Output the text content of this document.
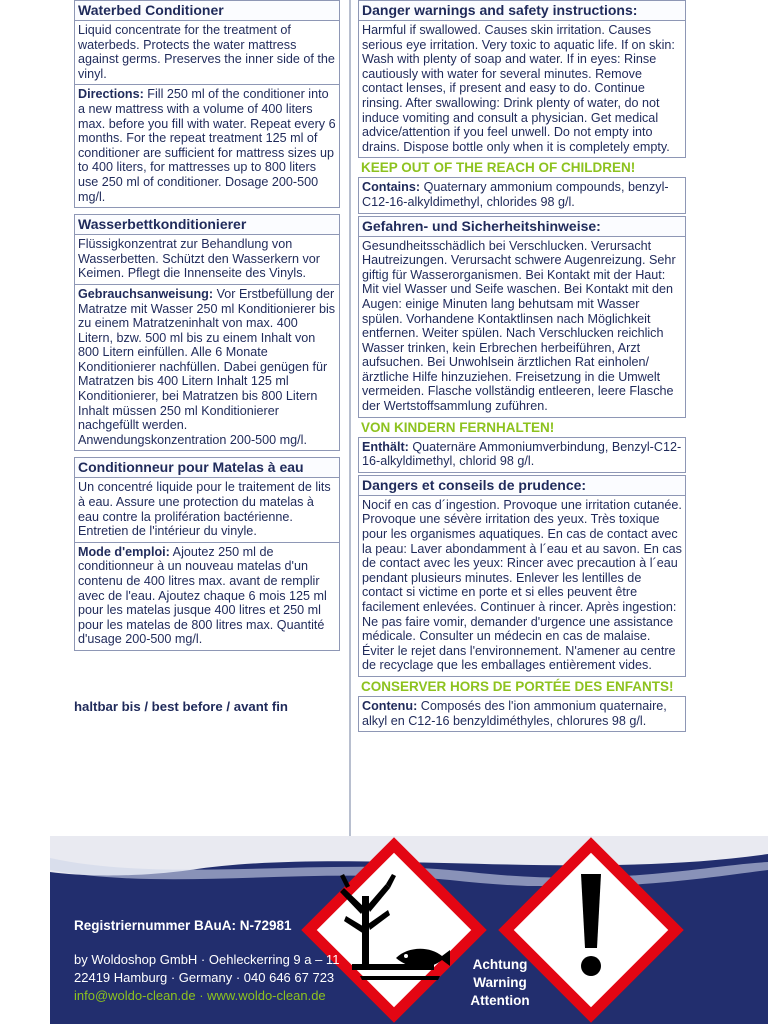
Waterbed Conditioner
Liquid concentrate for the treatment of waterbeds. Protects the water mattress against germs. Preserves the inner side of the vinyl.
Directions: Fill 250 ml of the conditioner into a new mattress with a volume of 400 liters max. before you fill with water. Repeat every 6 months. For the repeat treatment 125 ml of conditioner are sufficient for mattress sizes up to 400 liters, for mattresses up to 800 liters use 250 ml of conditioner. Dosage 200-500 mg/l.
Wasserbettkonditionierer
Flüssigkonzentrat zur Behandlung von Wasserbetten. Schützt den Wasserkern vor Keimen. Pflegt die Innenseite des Vinyls.
Gebrauchsanweisung: Vor Erstbefüllung der Matratze mit Wasser 250 ml Konditionierer bis zu einem Matratzeninhalt von max. 400 Litern, bzw. 500 ml bis zu einem Inhalt von 800 Litern einfüllen. Alle 6 Monate Konditionierer nachfüllen. Dabei genügen für Matratzen bis 400 Litern Inhalt 125 ml Konditionierer, bei Matratzen bis 800 Litern Inhalt müssen 250 ml Konditionierer nachgefüllt werden. Anwendungskonzentration 200-500 mg/l.
Conditionneur pour Matelas à eau
Un concentré liquide pour le traitement de lits à eau. Assure une protection du matelas à eau contre la prolifération bactérienne. Entretien de l'intérieur du vinyle.
Mode d'emploi: Ajoutez 250 ml de conditionneur à un nouveau matelas d'un contenu de 400 litres max. avant de remplir avec de l'eau. Ajoutez chaque 6 mois 125 ml pour les matelas jusque 400 litres et 250 ml pour les matelas de 800 litres max. Quantité d'usage 200-500 mg/l.
haltbar bis / best before / avant fin
Danger warnings and safety instructions:
Harmful if swallowed. Causes skin irritation. Causes serious eye irritation. Very toxic to aquatic life. If on skin: Wash with plenty of soap and water. If in eyes: Rinse cautiously with water for several minutes. Remove contact lenses, if present and easy to do. Continue rinsing. After swallowing: Drink plenty of water, do not induce vomiting and consult a physician. Get medical advice/attention if you feel unwell. Do not empty into drains. Dispose bottle only when it is completely empty.
KEEP OUT OF THE REACH OF CHILDREN!
Contains: Quaternary ammonium compounds, benzyl-C12-16-alkyldimethyl, chlorides 98 g/l.
Gefahren- und Sicherheitshinweise:
Gesundheitsschädlich bei Verschlucken. Verursacht Hautreizungen. Verursacht schwere Augenreizung. Sehr giftig für Wasserorganismen. Bei Kontakt mit der Haut: Mit viel Wasser und Seife waschen. Bei Kontakt mit den Augen: einige Minuten lang behutsam mit Wasser spülen. Vorhandene Kontaktlinsen nach Möglichkeit entfernen. Weiter spülen. Nach Verschlucken reichlich Wasser trinken, kein Erbrechen herbeiführen, Arzt aufsuchen. Bei Unwohlsein ärztlichen Rat einholen/ärztliche Hilfe hinzuziehen. Freisetzung in die Umwelt vermeiden. Flasche vollständig entleeren, leere Flasche der Wertstoffsammlung zuführen.
VON KINDERN FERNHALTEN!
Enthält: Quaternäre Ammoniumverbindung, Benzyl-C12-16-alkyldimethyl, chlorid 98 g/l.
Dangers et conseils de prudence:
Nocif en cas d´ingestion. Provoque une irritation cutanée. Provoque une sévère irritation des yeux. Très toxique pour les organismes aquatiques. En cas de contact avec la peau: Laver abondamment à l´eau et au savon. En cas de contact avec les yeux: Rincer avec precaution à l´eau pendant plusieurs minutes. Enlever les lentilles de contact si victime en porte et si elles peuvent être facilement enlevées. Continuer à rincer. Après ingestion: Ne pas faire vomir, demander d'urgence une assistance médicale. Consulter un médecin en cas de malaise. Éviter le rejet dans l'environnement. N'amener au centre de recyclage que les emballages entièrement vides.
CONSERVER HORS DE PORTÉE DES ENFANTS!
Contenu: Composés des l'ion ammonium quaternaire, alkyl en C12-16 benzyldiméthyles, chlorures 98 g/l.
Registriernummer BAuA: N-72981
by Woldoshop GmbH · Oehleckerring 9 a – 11
22419 Hamburg · Germany · 040 646 67 723
info@woldo-clean.de · www.woldo-clean.de
Achtung
Warning
Attention
